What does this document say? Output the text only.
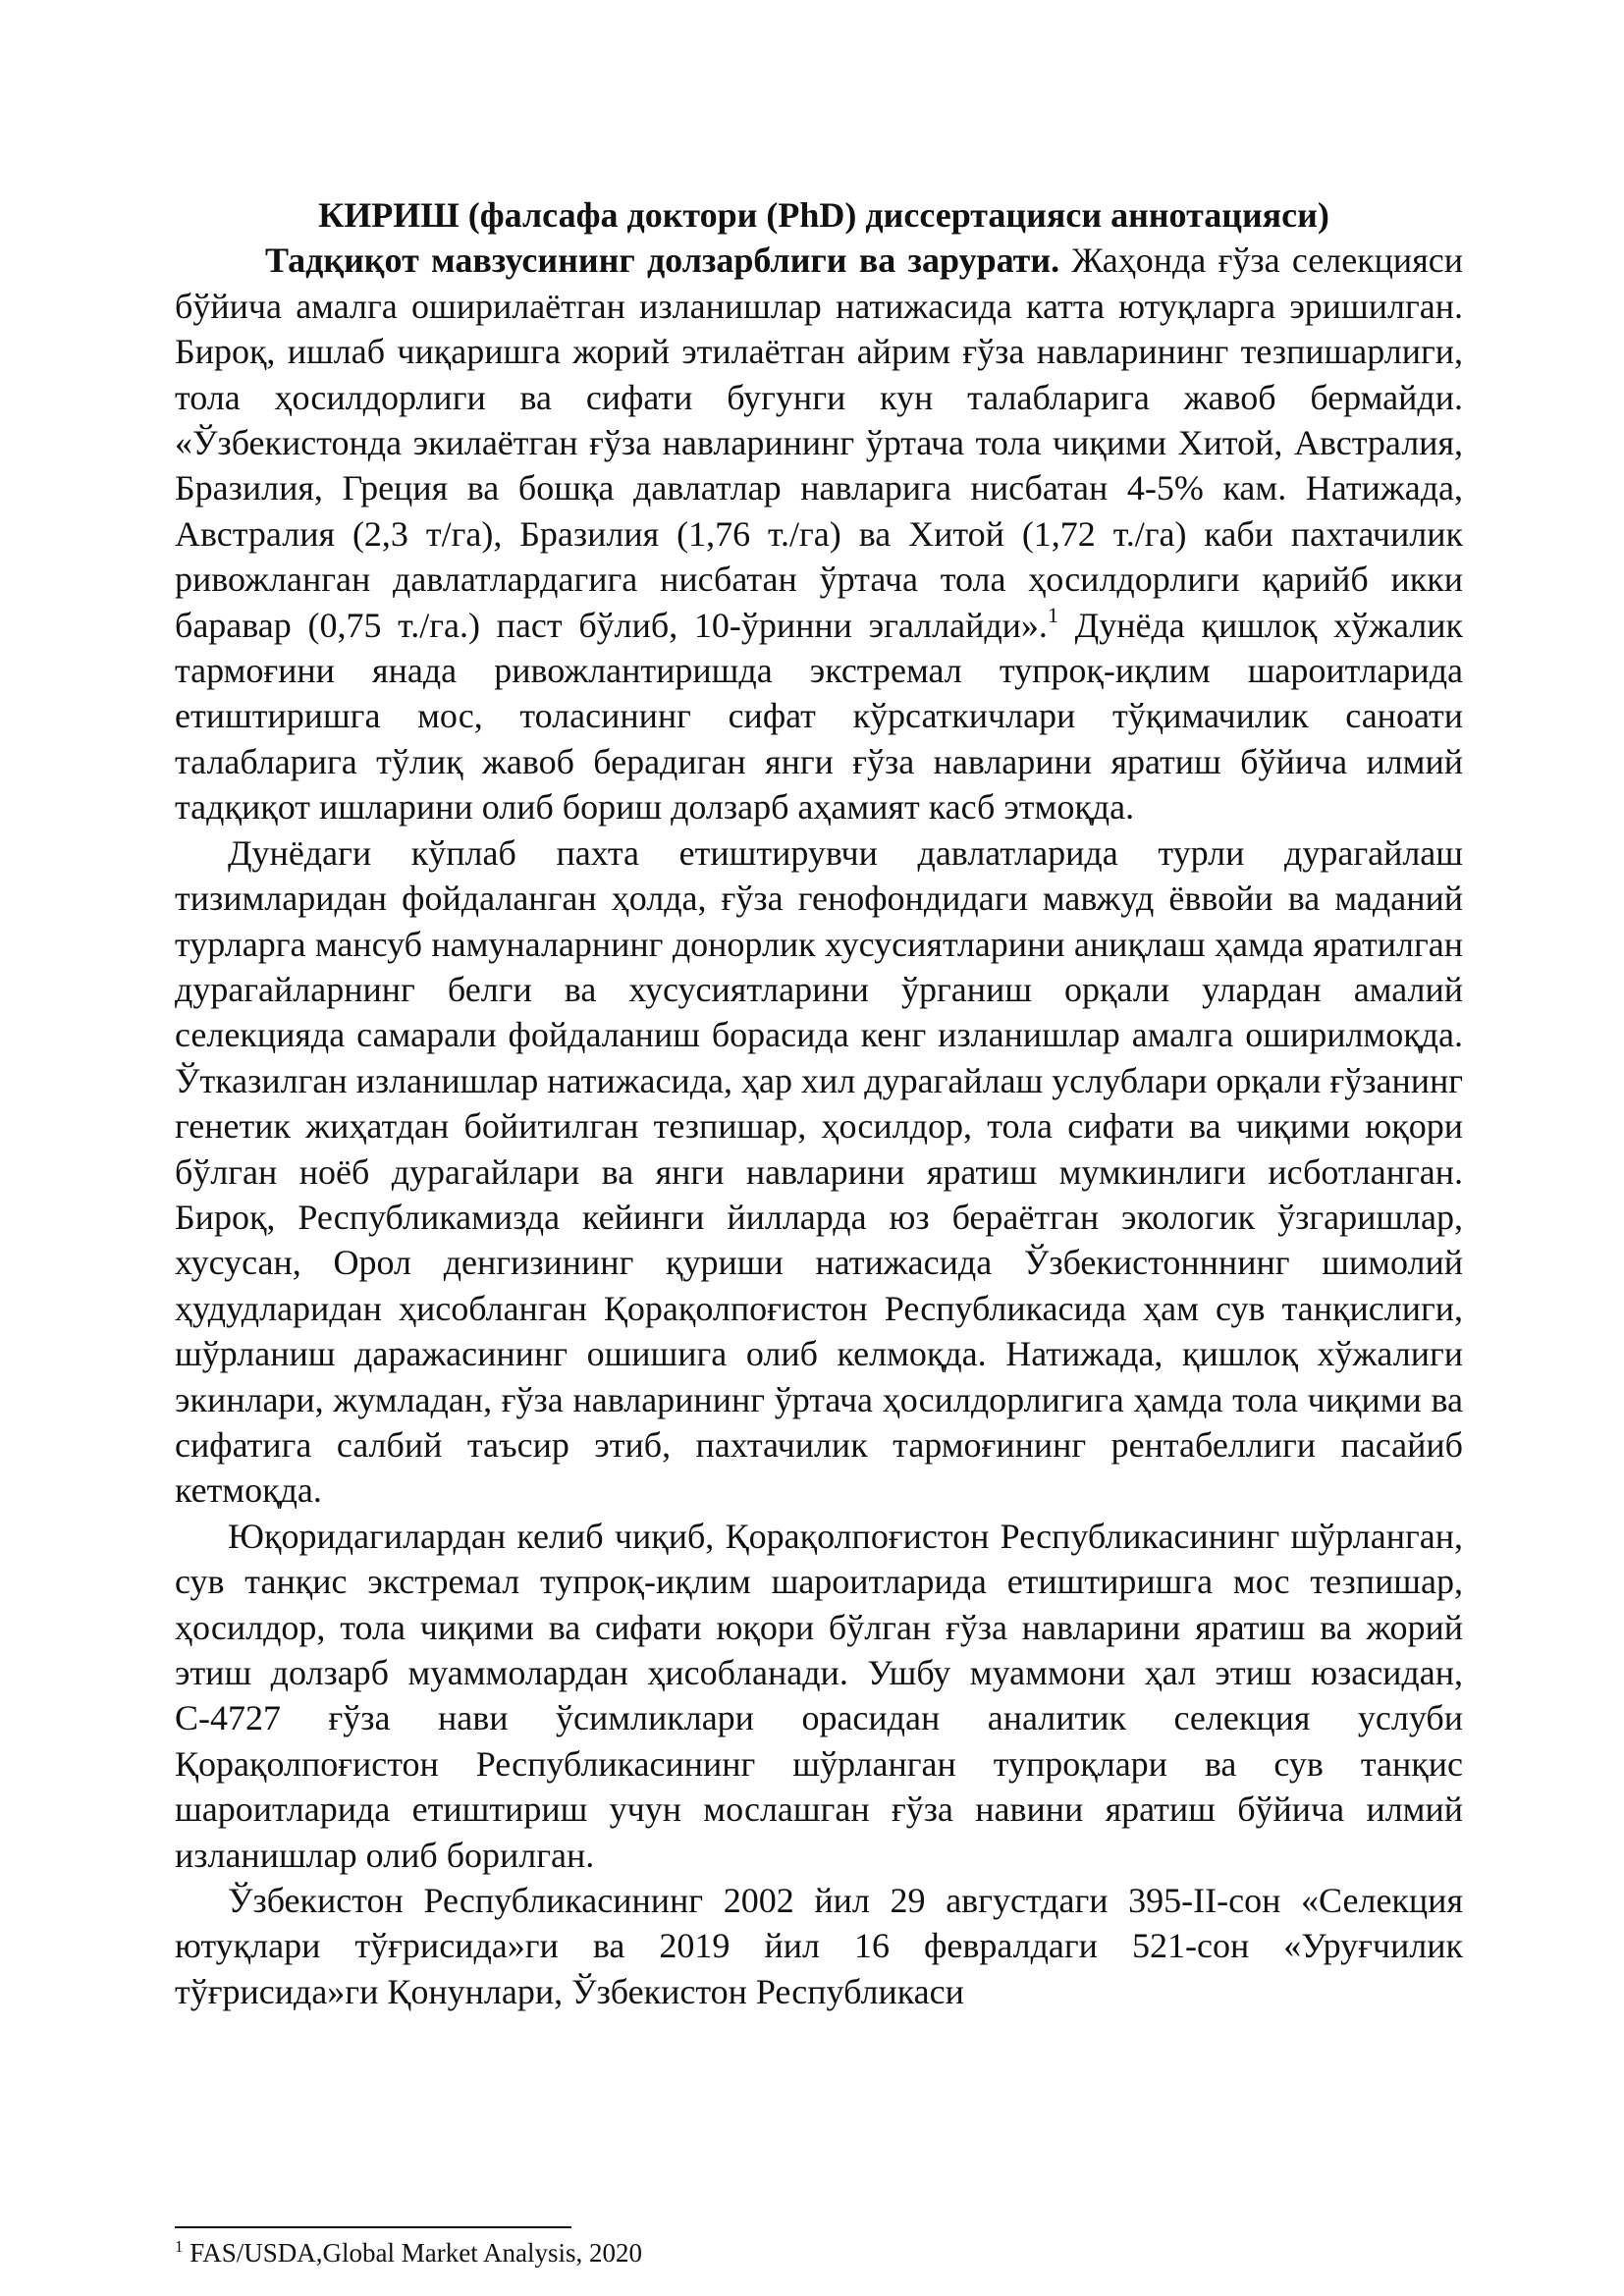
КИРИШ (фалсафа доктори (PhD) диссертацияси аннотацияси)

Тадқиқот мавзусининг долзарблиги ва зарурати. Жаҳонда ғўза селекцияси бўйича амалга оширилаётган изланишлар натижасида катта ютуқларга эришилган. Бироқ, ишлаб чиқаришга жорий этилаётган айрим ғўза навларининг тезпишарлиги, тола ҳосилдорлиги ва сифати бугунги кун талабларига жавоб бермайди. «Ўзбекистонда экилаётган ғўза навларининг ўртача тола чиқими Хитой, Австралия, Бразилия, Греция ва бошқа давлатлар навларига нисбатан 4-5% кам. Натижада, Австралия (2,3 т/га), Бразилия (1,76 т./га) ва Хитой (1,72 т./га) каби пахтачилик ривожланган давлатлардагига нисбатан ўртача тола ҳосилдорлиги қарийб икки баравар (0,75 т./га.) паст бўлиб, 10-ўринни эгаллайди».$^1$ Дунёда қишлоқ хўжалик тармоғини янада ривожлантиришда экстремал тупроқ-иқлим шароитларида етиштиришга мос, толасининг сифат кўрсаткичлари тўқимачилик саноати талабларига тўлиқ жавоб берадиган янги ғўза навларини яратиш бўйича илмий тадқиқот ишларини олиб бориш долзарб аҳамият касб этмоқда.

Дунёдаги кўплаб пахта етиштирувчи давлатларида турли дурагайлаш тизимларидан фойдаланган ҳолда, ғўза генофондидаги мавжуд ёввойи ва маданий турларга мансуб намуналарнинг донорлик хусусиятларини аниқлаш ҳамда яратилган дурагайларнинг белги ва хусусиятларини ўрганиш орқали улардан амалий селекцияда самарали фойдаланиш борасида кенг изланишлар амалга оширилмоқда. Ўтказилган изланишлар натижасида, ҳар хил дурагайлаш услублари орқали ғўзанинг генетик жиҳатдан бойитилган тезпишар, ҳосилдор, тола сифати ва чиқими юқори бўлган ноёб дурагайлари ва янги навларини яратиш мумкинлиги исботланган. Бироқ, Республикамизда кейинги йилларда юз бераётган экологик ўзгаришлар, хусусан, Орол денгизининг қуриши натижасида Ўзбекистонннинг шимолий ҳудудларидан ҳисобланган Қорақолпоғистон Республикасида ҳам сув танқислиги, шўрланиш даражасининг ошишига олиб келмоқда. Натижада, қишлоқ хўжалиги экинлари, жумладан, ғўза навларининг ўртача ҳосилдорлигига ҳамда тола чиқими ва сифатига салбий таъсир этиб, пахтачилик тармоғининг рентабеллиги пасайиб кетмоқда.

Юқоридагилардан келиб чиқиб, Қорақолпоғистон Республикасининг шўрланган, сув танқис экстремал тупроқ-иқлим шароитларида етиштиришга мос тезпишар, ҳосилдор, тола чиқими ва сифати юқори бўлган ғўза навларини яратиш ва жорий этиш долзарб муаммолардан ҳисобланади. Ушбу муаммони ҳал этиш юзасидан, С-4727 ғўза нави ўсимликлари орасидан аналитик селекция услуби Қорақолпоғистон Республикасининг шўрланган тупроқлари ва сув танқис шароитларида етиштириш учун мослашган ғўза навини яратиш бўйича илмий изланишлар олиб борилган.

Ўзбекистон Республикасининг 2002 йил 29 августдаги 395-II-сон «Селекция ютуқлари тўғрисида»ги ва 2019 йил 16 февралдаги 521-сон «Уруғчилик тўғрисида»ги Қонунлари, Ўзбекистон Республикаси

$^1$ FAS/USDA,Global Market Analysis, 2020
